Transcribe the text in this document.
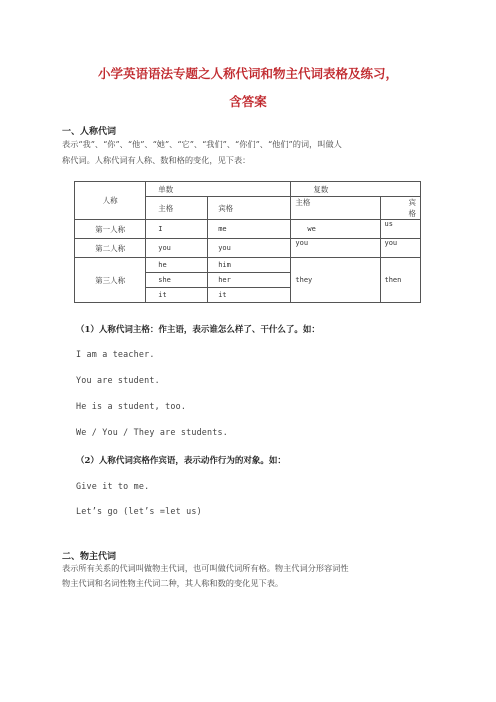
小学英语语法专题之人称代词和物主代词表格及练习，
含答案
一、人称代词
表示“我”、“你”、“他”、“她”、“它”、“我们”、“你们”、“他们”的词，叫做人
称代词。人称代词有人称、数和格的变化，见下表：
人称	单数		复数	
	主格	宾格	主格	宾格
第一人称	I	me	we	us
第二人称	you	you	you	you
第三人称	he	him	they	then
	she	her		
	it	it		
（1）人称代词主格：作主语，表示谁怎么样了、干什么了。如：
I am a teacher.
You are student.
He is a student, too.
We / You / They are students.
（2）人称代词宾格作宾语，表示动作行为的对象。如：
Give it to me.
Let’s go (let’s =let us)
二、物主代词
表示所有关系的代词叫做物主代词，也可叫做代词所有格。物主代词分形容词性
物主代词和名词性物主代词二种，其人称和数的变化见下表。
